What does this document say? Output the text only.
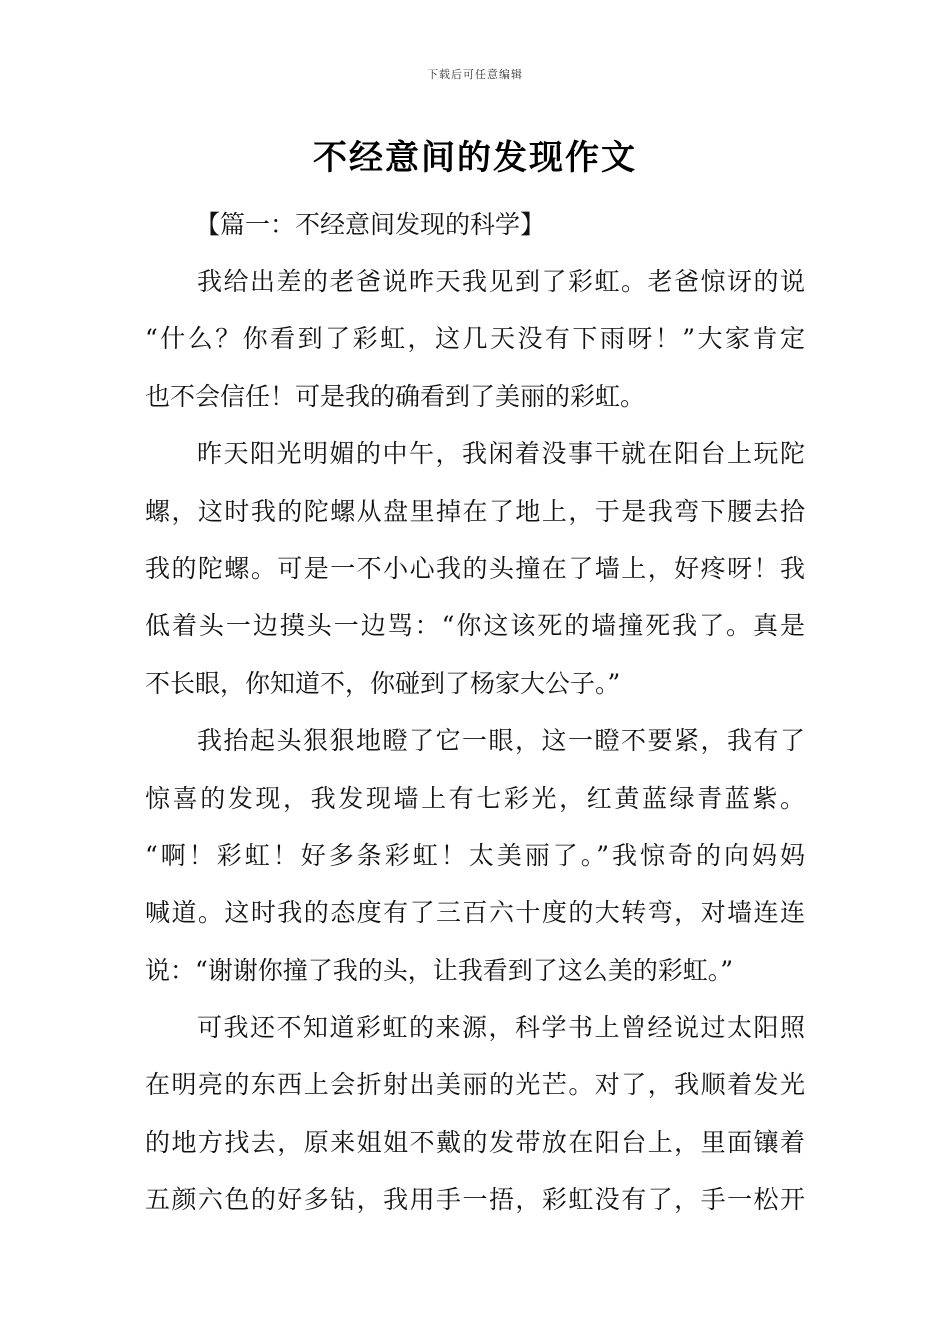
下载后可任意编辑
不经意间的发现作文
【篇一：不经意间发现的科学】
我给出差的老爸说昨天我见到了彩虹。老爸惊讶的说
“什么？你看到了彩虹，这几天没有下雨呀！”大家肯定
也不会信任！可是我的确看到了美丽的彩虹。
昨天阳光明媚的中午，我闲着没事干就在阳台上玩陀
螺，这时我的陀螺从盘里掉在了地上，于是我弯下腰去拾
我的陀螺。可是一不小心我的头撞在了墙上，好疼呀！我
低着头一边摸头一边骂：“你这该死的墙撞死我了。真是
不长眼，你知道不，你碰到了杨家大公子。”
我抬起头狠狠地瞪了它一眼，这一瞪不要紧，我有了
惊喜的发现，我发现墙上有七彩光，红黄蓝绿青蓝紫。
“啊！彩虹！好多条彩虹！太美丽了。”我惊奇的向妈妈
喊道。这时我的态度有了三百六十度的大转弯，对墙连连
说：“谢谢你撞了我的头，让我看到了这么美的彩虹。”
可我还不知道彩虹的来源，科学书上曾经说过太阳照
在明亮的东西上会折射出美丽的光芒。对了，我顺着发光
的地方找去，原来姐姐不戴的发带放在阳台上，里面镶着
五颜六色的好多钻，我用手一捂，彩虹没有了，手一松开
